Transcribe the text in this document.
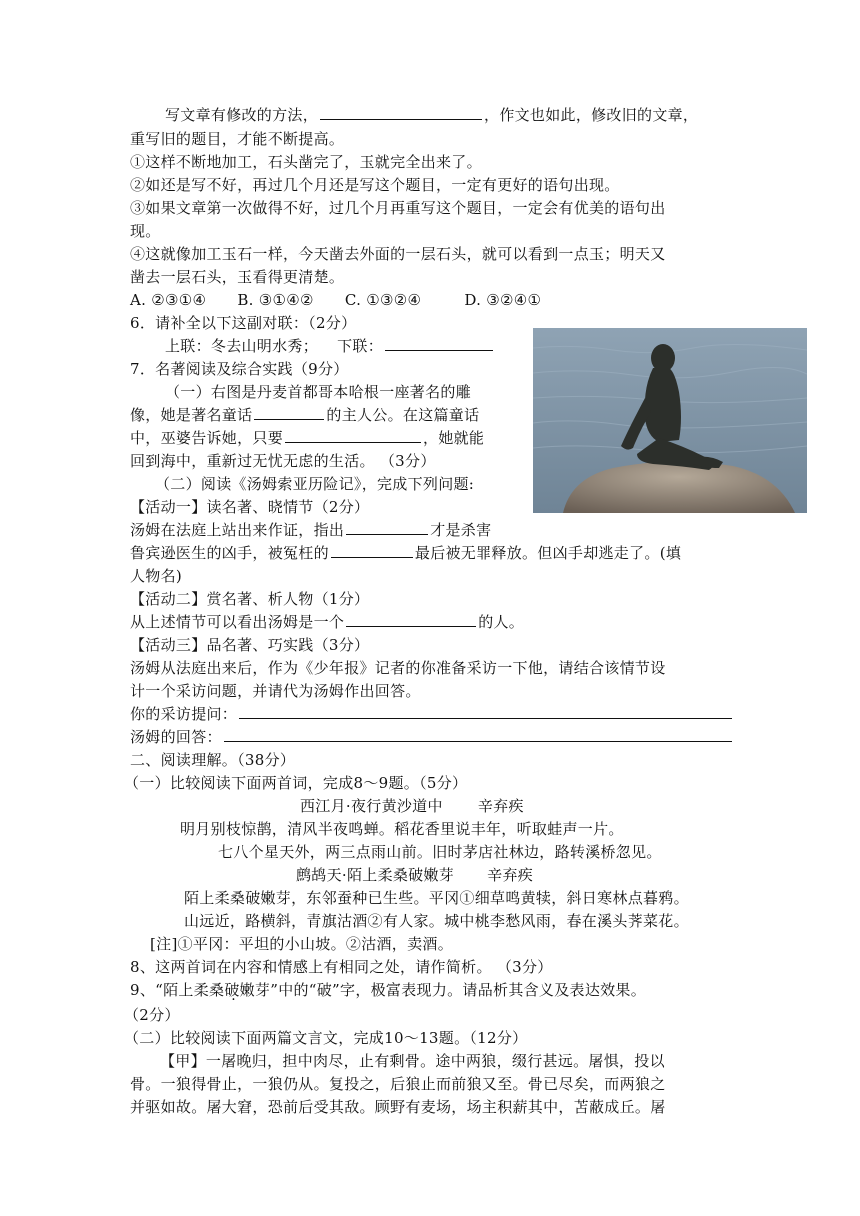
写文章有修改的方法，	，作文也如此，修改旧的文章，
重写旧的题目，才能不断提高。
①这样不断地加工，石头凿完了，玉就完全出来了。
②如还是写不好，再过几个月还是写这个题目，一定有更好的语句出现。
③如果文章第一次做得不好，过几个月再重写这个题目，一定会有优美的语句出
现。
④这就像加工玉石一样，今天凿去外面的一层石头，就可以看到一点玉；明天又
凿去一层石头，玉看得更清楚。
A. ②③①④ B. ③①④② C. ①③②④	D. ③②④①
6．请补全以下这副对联：（2分）
上联：冬去山明水秀； 下联：
7．名著阅读及综合实践（9分）
（一）右图是丹麦首都哥本哈根一座著名的雕
像，她是著名童话	的主人公。在这篇童话
中，巫婆告诉她，只要	，她就能
回到海中，重新过无忧无虑的生活。 （3分）
（二）阅读《汤姆索亚历险记》，完成下列问题:
【活动一】读名著、晓情节（2分）
汤姆在法庭上站出来作证，指出	才是杀害
鲁宾逊医生的凶手，被冤枉的	最后被无罪释放。但凶手却逃走了。(填
人物名)
【活动二】赏名著、析人物（1分）
从上述情节可以看出汤姆是一个	的人。
【活动三】品名著、巧实践（3分）
汤姆从法庭出来后，作为《少年报》记者的你准备采访一下他，请结合该情节设
计一个采访问题，并请代为汤姆作出回答。
你的采访提问：
汤姆的回答：
二、阅读理解。（38分）
（一）比较阅读下面两首词，完成8～9题。（5分）
西江月·夜行黄沙道中 辛弃疾
明月别枝惊鹊，清风半夜鸣蝉。稻花香里说丰年，听取蛙声一片。
七八个星天外，两三点雨山前。旧时茅店社林边，路转溪桥忽见。
鹧鸪天·陌上柔桑破嫩芽 辛弃疾
陌上柔桑破嫩芽，东邻蚕种已生些。平冈①细草鸣黄犊，斜日寒林点暮鸦。
山远近，路横斜，青旗沽酒②有人家。城中桃李愁风雨，春在溪头荠菜花。
[注]①平冈：平坦的小山坡。②沽酒，卖酒。
8、这两首词在内容和情感上有相同之处，请作简析。 （3分）
9、“陌上柔桑破嫩芽”中的“破”字，极富表现力。请品析其含义及表达效果。
（2分）
（二）比较阅读下面两篇文言文，完成10～13题。（12分）
【甲】一屠晚归，担中肉尽，止有剩骨。途中两狼，缀行甚远。屠惧，投以
骨。一狼得骨止，一狼仍从。复投之，后狼止而前狼又至。骨已尽矣，而两狼之
并驱如故。屠大窘，恐前后受其敌。顾野有麦场，场主积薪其中，苫蔽成丘。屠
